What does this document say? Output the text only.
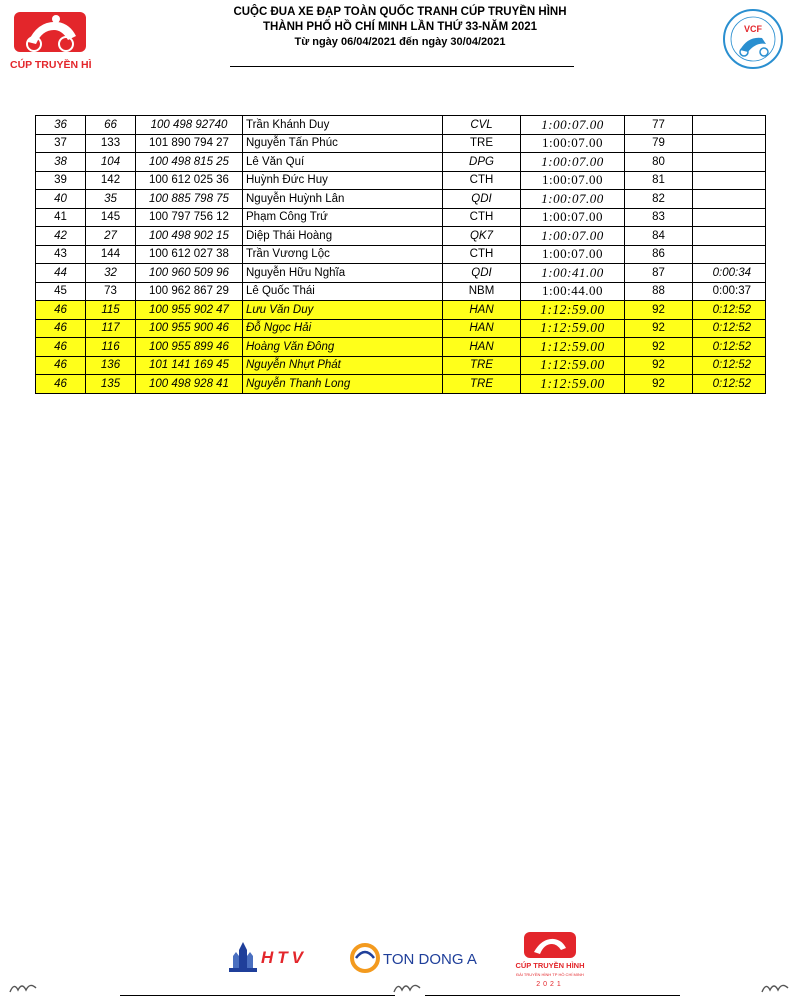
CÚP TRUYỀN HÌ
CUỘC ĐUA XE ĐẠP TOÀN QUỐC TRANH CÚP TRUYỀN HÌNH
THÀNH PHỐ HỒ CHÍ MINH LẦN THỨ 33-NĂM 2021
Từ ngày 06/04/2021 đến ngày 30/04/2021
VCF
36	66	100 498 92740	Trần Khánh Duy	CVL	1:00:07.00	77	
37	133	101 890 794 27	Nguyễn Tấn Phúc	TRE	1:00:07.00	79	
38	104	100 498 815 25	Lê Văn Quí	DPG	1:00:07.00	80	
39	142	100 612 025 36	Huỳnh Đức Huy	CTH	1:00:07.00	81	
40	35	100 885 798 75	Nguyễn Huỳnh Lân	QDI	1:00:07.00	82	
41	145	100 797 756 12	Phạm Công Trứ	CTH	1:00:07.00	83	
42	27	100 498 902 15	Diệp Thái Hoàng	QK7	1:00:07.00	84	
43	144	100 612 027 38	Trần Vương Lộc	CTH	1:00:07.00	86	
44	32	100 960 509 96	Nguyễn Hữu Nghĩa	QDI	1:00:41.00	87	0:00:34
45	73	100 962 867 29	Lê Quốc Thái	NBM	1:00:44.00	88	0:00:37
46	115	100 955 902 47	Lưu Văn Duy	HAN	1:12:59.00	92	0:12:52
46	117	100 955 900 46	Đỗ Ngọc Hải	HAN	1:12:59.00	92	0:12:52
46	116	100 955 899 46	Hoàng Văn Đông	HAN	1:12:59.00	92	0:12:52
46	136	101 141 169 45	Nguyễn Nhựt Phát	TRE	1:12:59.00	92	0:12:52
46	135	100 498 928 41	Nguyễn Thanh Long	TRE	1:12:59.00	92	0:12:52
HTV	TON DONG A	CÚP TRUYỀN HÌNH
ĐÀI TRUYỀN HÌNH TP HỒ CHÍ MINH
2021
